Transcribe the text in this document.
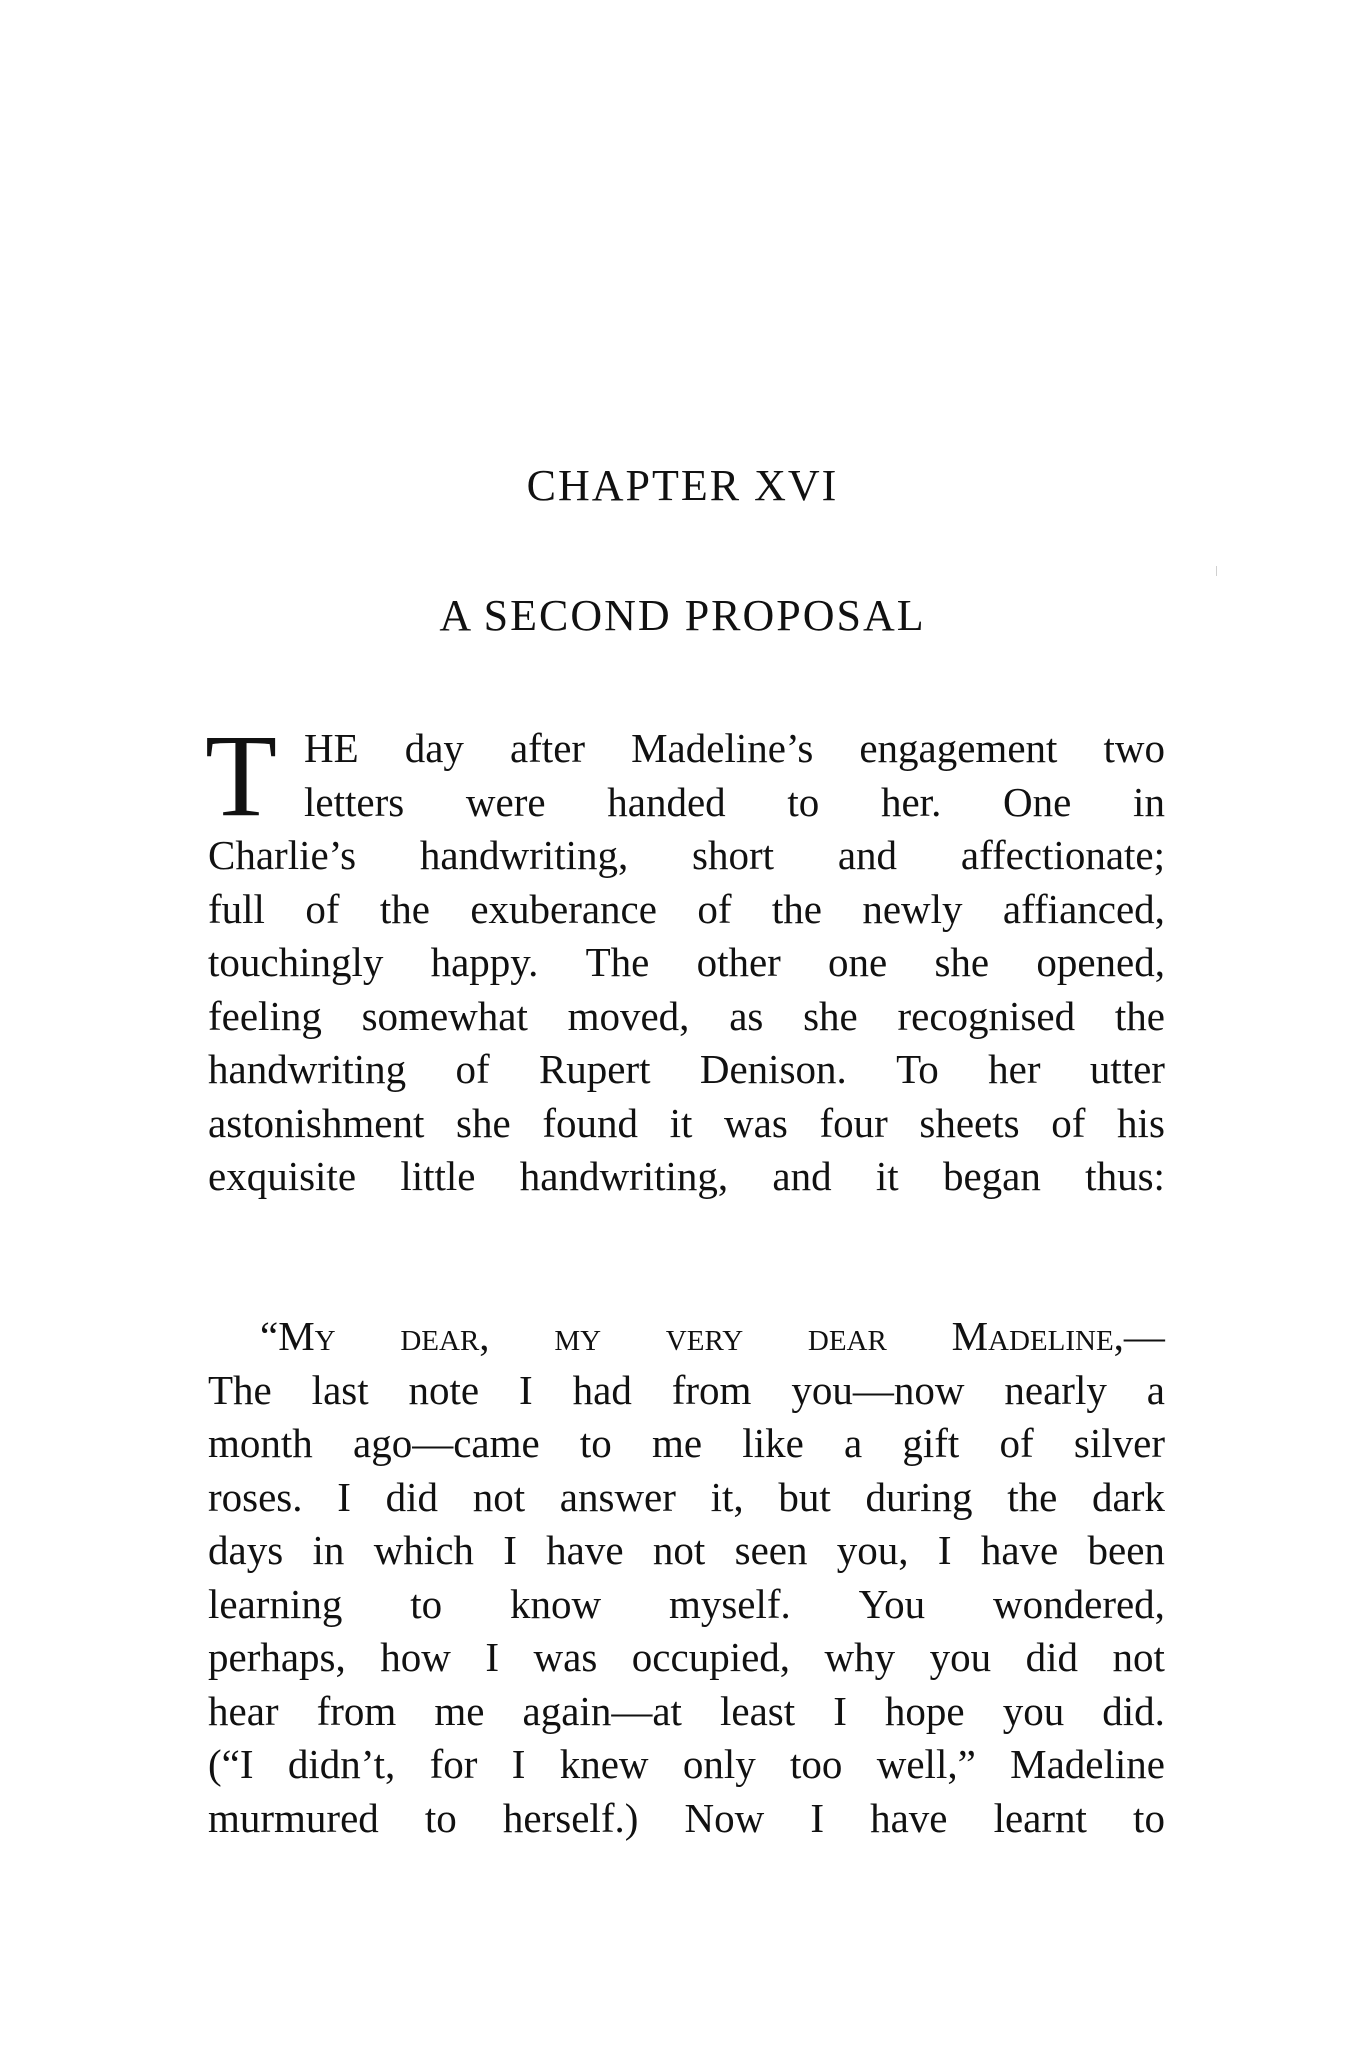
CHAPTER XVI
A SECOND PROPOSAL
T HE day after Madeline’s engagement two
letters were handed to her. One in
Charlie’s handwriting, short and affectionate;
full of the exuberance of the newly affianced,
touchingly happy. The other one she opened,
feeling somewhat moved, as she recognised the
handwriting of Rupert Denison. To her utter
astonishment she found it was four sheets of his
exquisite little handwriting, and it began thus:
“My dear, my very dear Madeline,—
The last note I had from you—now nearly a
month ago—came to me like a gift of silver
roses. I did not answer it, but during the dark
days in which I have not seen you, I have been
learning to know myself. You wondered,
perhaps, how I was occupied, why you did not
hear from me again—at least I hope you did.
(“I didn’t, for I knew only too well,” Madeline
murmured to herself.) Now I have learnt to
